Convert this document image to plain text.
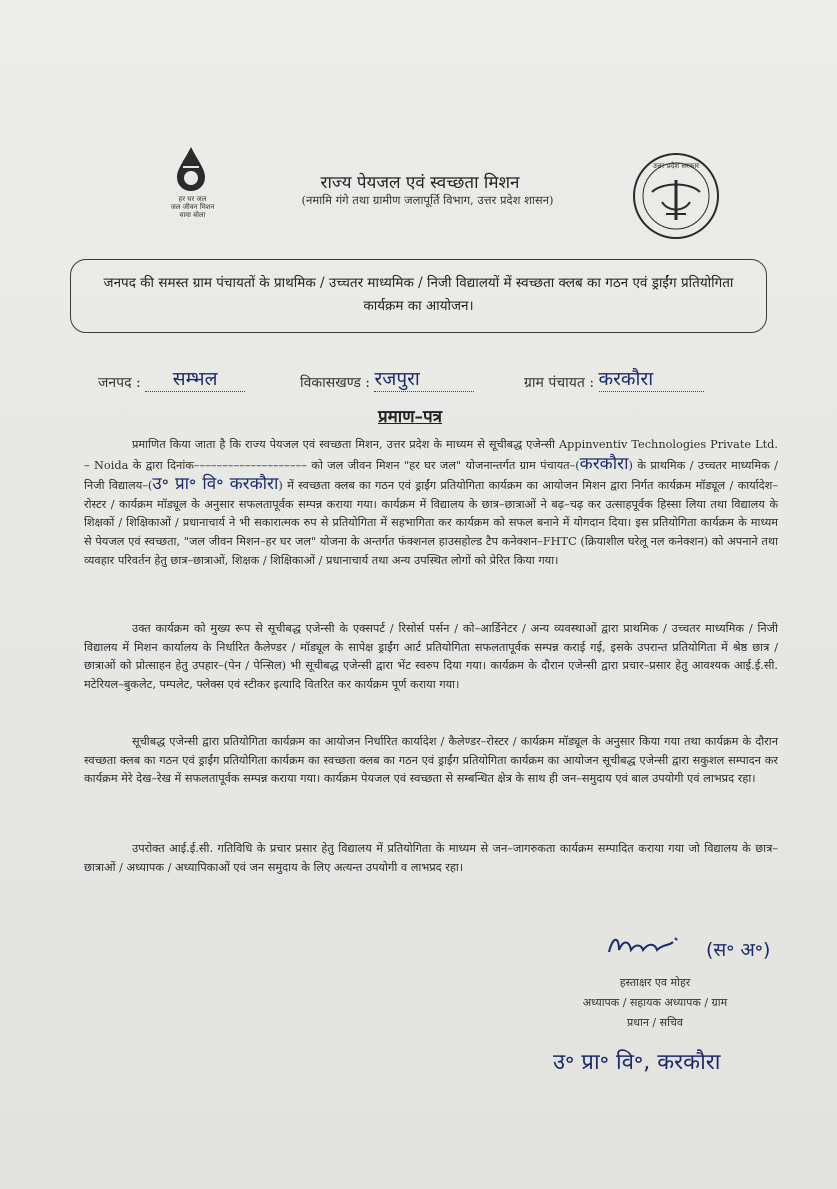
हर घर जल
जल जीवन मिशन
वावा बोला
राज्य पेयजल एवं स्वच्छता मिशन
(नमामि गंगे तथा ग्रामीण जलापूर्ति विभाग, उत्तर प्रदेश शासन)
उत्तर प्रदेश सरकार
जनपद की समस्त ग्राम पंचायतों के प्राथमिक / उच्चतर माध्यमिक / निजी विद्यालयों में स्वच्छता क्लब का गठन एवं ड्राईंग प्रतियोगिता कार्यक्रम का आयोजन।
जनपद : सम्भल	विकासखण्ड : रजपुरा	ग्राम पंचायत : करकौरा
प्रमाण–पत्र

प्रमाणित किया जाता है कि राज्य पेयजल एवं स्वच्छता मिशन, उत्तर प्रदेश के माध्यम से सूचीबद्ध एजेन्सी Appinventiv Technologies Private Ltd. – Noida के द्वारा दिनांक–––––––––––––––––––– को जल जीवन मिशन "हर घर जल" योजनान्तर्गत ग्राम पंचायत–(करकौरा) के प्राथमिक / उच्चतर माध्यमिक / निजी विद्यालय–(उ॰ प्रा॰ वि॰ करकौरा) में स्वच्छता क्लब का गठन एवं ड्राईंग प्रतियोगिता कार्यक्रम का आयोजन मिशन द्वारा निर्गत कार्यक्रम मॉड्यूल / कार्यादेश–रोस्टर / कार्यक्रम मॉड्यूल के अनुसार सफलतापूर्वक सम्पन्न कराया गया। कार्यक्रम में विद्यालय के छात्र–छात्राओं ने बढ़–चढ़ कर उत्साहपूर्वक हिस्सा लिया तथा विद्यालय के शिक्षकों / शिक्षिकाओं / प्रधानाचार्य ने भी सकारात्मक रुप से प्रतियोगिता में सहभागिता कर कार्यक्रम को सफल बनाने में योगदान दिया। इस प्रतियोगिता कार्यक्रम के माध्यम से पेयजल एवं स्वच्छता, "जल जीवन मिशन–हर घर जल" योजना के अन्तर्गत फंक्शनल हाउसहोल्ड टैप कनेक्शन–FHTC (क्रियाशील घरेलू नल कनेक्शन) को अपनाने तथा व्यवहार परिवर्तन हेतु छात्र–छात्राओं, शिक्षक / शिक्षिकाओं / प्रधानाचार्य तथा अन्य उपस्थित लोगों को प्रेरित किया गया।

उक्त कार्यक्रम को मुख्य रूप से सूचीबद्ध एजेन्सी के एक्सपर्ट / रिसोर्स पर्सन / को–आर्डिनेटर / अन्य व्यवस्थाओं द्वारा प्राथमिक / उच्चतर माध्यमिक / निजी विद्यालय में मिशन कार्यालय के निर्धारित कैलेण्डर / मॉड्यूल के सापेक्ष ड्राईंग आर्ट प्रतियोगिता सफलतापूर्वक सम्पन्न कराई गई, इसके उपरान्त प्रतियोगिता में श्रेष्ठ छात्र / छात्राओं को प्रोत्साहन हेतु उपहार–(पेन / पेन्सिल) भी सूचीबद्ध एजेन्सी द्वारा भेंट स्वरुप दिया गया। कार्यक्रम के दौरान एजेन्सी द्वारा प्रचार–प्रसार हेतु आवश्यक आई.ई.सी. मटेरियल–बुकलेट, पम्पलेट, फ्लेक्स एवं स्टीकर इत्यादि वितरित कर कार्यक्रम पूर्ण कराया गया।

सूचीबद्ध एजेन्सी द्वारा प्रतियोगिता कार्यक्रम का आयोजन निर्धारित कार्यादेश / कैलेण्डर–रोस्टर / कार्यक्रम मॉड्यूल के अनुसार किया गया तथा कार्यक्रम के दौरान स्वच्छता क्लब का गठन एवं ड्राईंग प्रतियोगिता कार्यक्रम का स्वच्छता क्लब का गठन एवं ड्राईंग प्रतियोगिता कार्यक्रम का आयोजन सूचीबद्ध एजेन्सी द्वारा सकुशल सम्पादन कर कार्यक्रम मेरे देख–रेख में सफलतापूर्वक सम्पन्न कराया गया। कार्यक्रम पेयजल एवं स्वच्छता से सम्बन्धित क्षेत्र के साथ ही जन–समुदाय एवं बाल उपयोगी एवं लाभप्रद रहा।

उपरोक्त आई.ई.सी. गतिविधि के प्रचार प्रसार हेतु विद्यालय में प्रतियोगिता के माध्यम से जन–जागरुकता कार्यक्रम सम्पादित कराया गया जो विद्यालय के छात्र–छात्राओं / अध्यापक / अध्यापिकाओं एवं जन समुदाय के लिए अत्यन्त उपयोगी व लाभप्रद रहा।

(स॰ अ॰)
हस्ताक्षर एव मोहर
अध्यापक / सहायक अध्यापक / ग्राम
प्रधान / सचिव
उ॰ प्रा॰ वि॰, करकौरा
